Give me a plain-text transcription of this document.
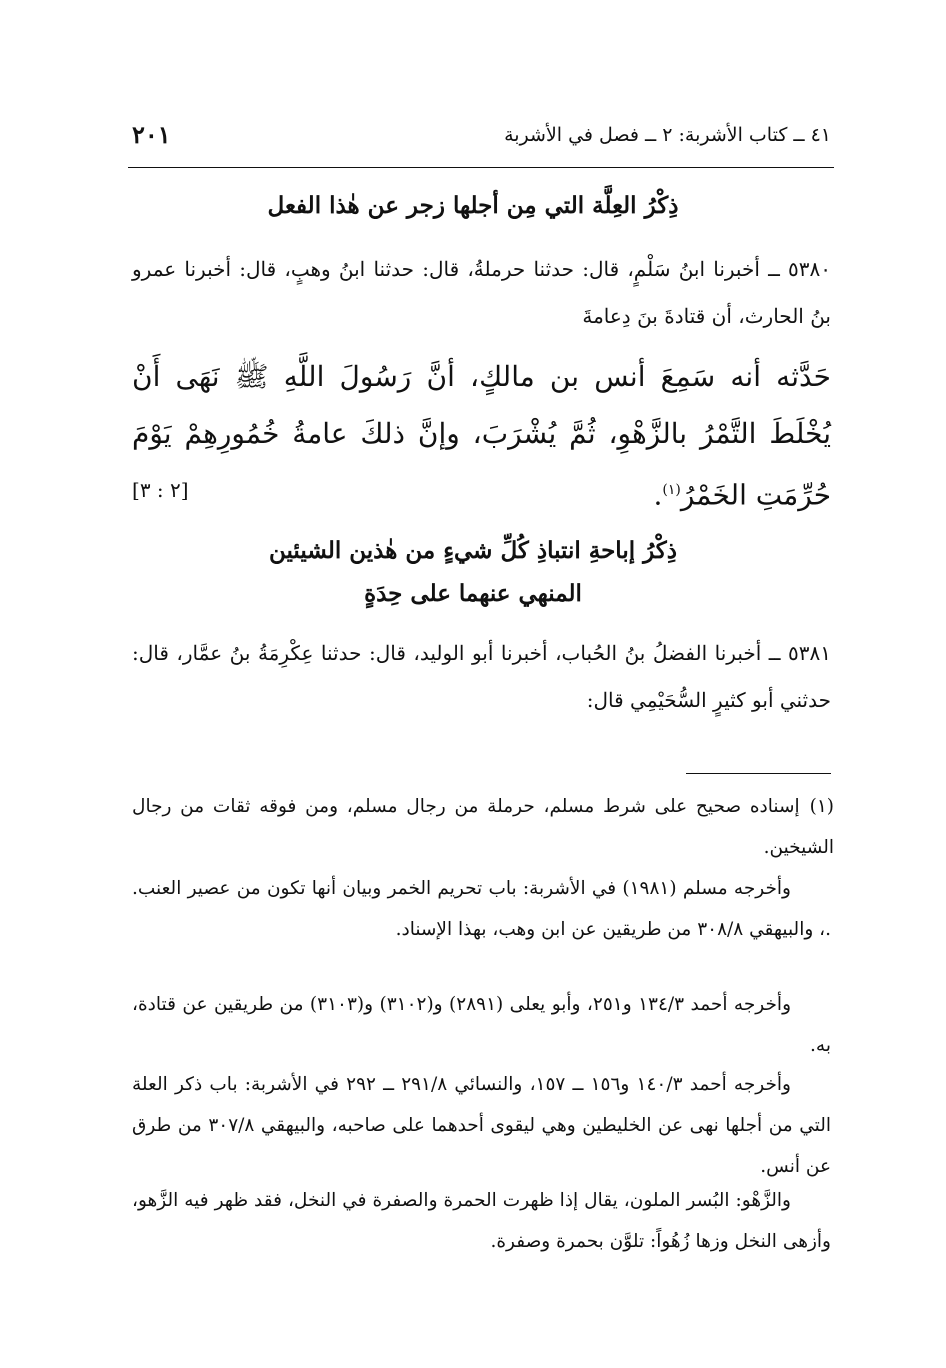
٤١ ــ كتاب الأشربة: ٢ ــ فصل في الأشربة
٢٠١
ذِكْرُ العِلَّة التي مِن أجلها زجر عن هٰذا الفعل
٥٣٨٠ ــ أخبرنا ابنُ سَلْمٍ، قال: حدثنا حرملةُ، قال: حدثنا ابنُ وهبٍ، قال: أخبرنا عمرو بنُ الحارث، أن قتادةَ بنَ دِعامةَ
حَدَّثه أنه سَمِعَ أنس بن مالكٍ، أنَّ رَسُولَ اللَّهِ ﷺ نَهَى أَنْ يُخْلَطَ التَّمْرُ بالزَّهْوِ، ثُمَّ يُشْرَبَ، وإنَّ ذلكَ عامةُ خُمُورِهِمْ يَوْمَ حُرِّمَتِ الخَمْرُ$^{(١)}$.
[٢ : ٣]
ذِكْرُ إباحةِ انتباذِ كُلِّ شيءٍ من هٰذين الشيئين
المنهي عنهما على حِدَةٍ
٥٣٨١ ــ أخبرنا الفضلُ بنُ الحُباب، أخبرنا أبو الوليد، قال: حدثنا عِكْرِمَةُ بنُ عمَّار، قال: حدثني أبو كثيرٍ السُّحَيْمِي قال:
(١)إسناده صحيح على شرط مسلم، حرملة من رجال مسلم، ومن فوقه ثقات من رجال الشيخين.
وأخرجه مسلم (١٩٨١) في الأشربة: باب تحريم الخمر وبيان أنها تكون من عصير العنب. .، والبيهقي ٣٠٨/٨ من طريقين عن ابن وهب، بهذا الإسناد.
وأخرجه أحمد ١٣٤/٣ و٢٥١، وأبو يعلى (٢٨٩١) و(٣١٠٢) و(٣١٠٣) من طريقين عن قتادة، به.
وأخرجه أحمد ١٤٠/٣ و١٥٦ ــ ١٥٧، والنسائي ٢٩١/٨ ــ ٢٩٢ في الأشربة: باب ذكر العلة التي من أجلها نهى عن الخليطين وهي ليقوى أحدهما على صاحبه، والبيهقي ٣٠٧/٨ من طرق عن أنس.
والزَّهْو: البُسر الملون، يقال إذا ظهرت الحمرة والصفرة في النخل، فقد ظهر فيه الزَّهو، وأزهى النخل وزها زُهُواً: تلوَّن بحمرة وصفرة.
